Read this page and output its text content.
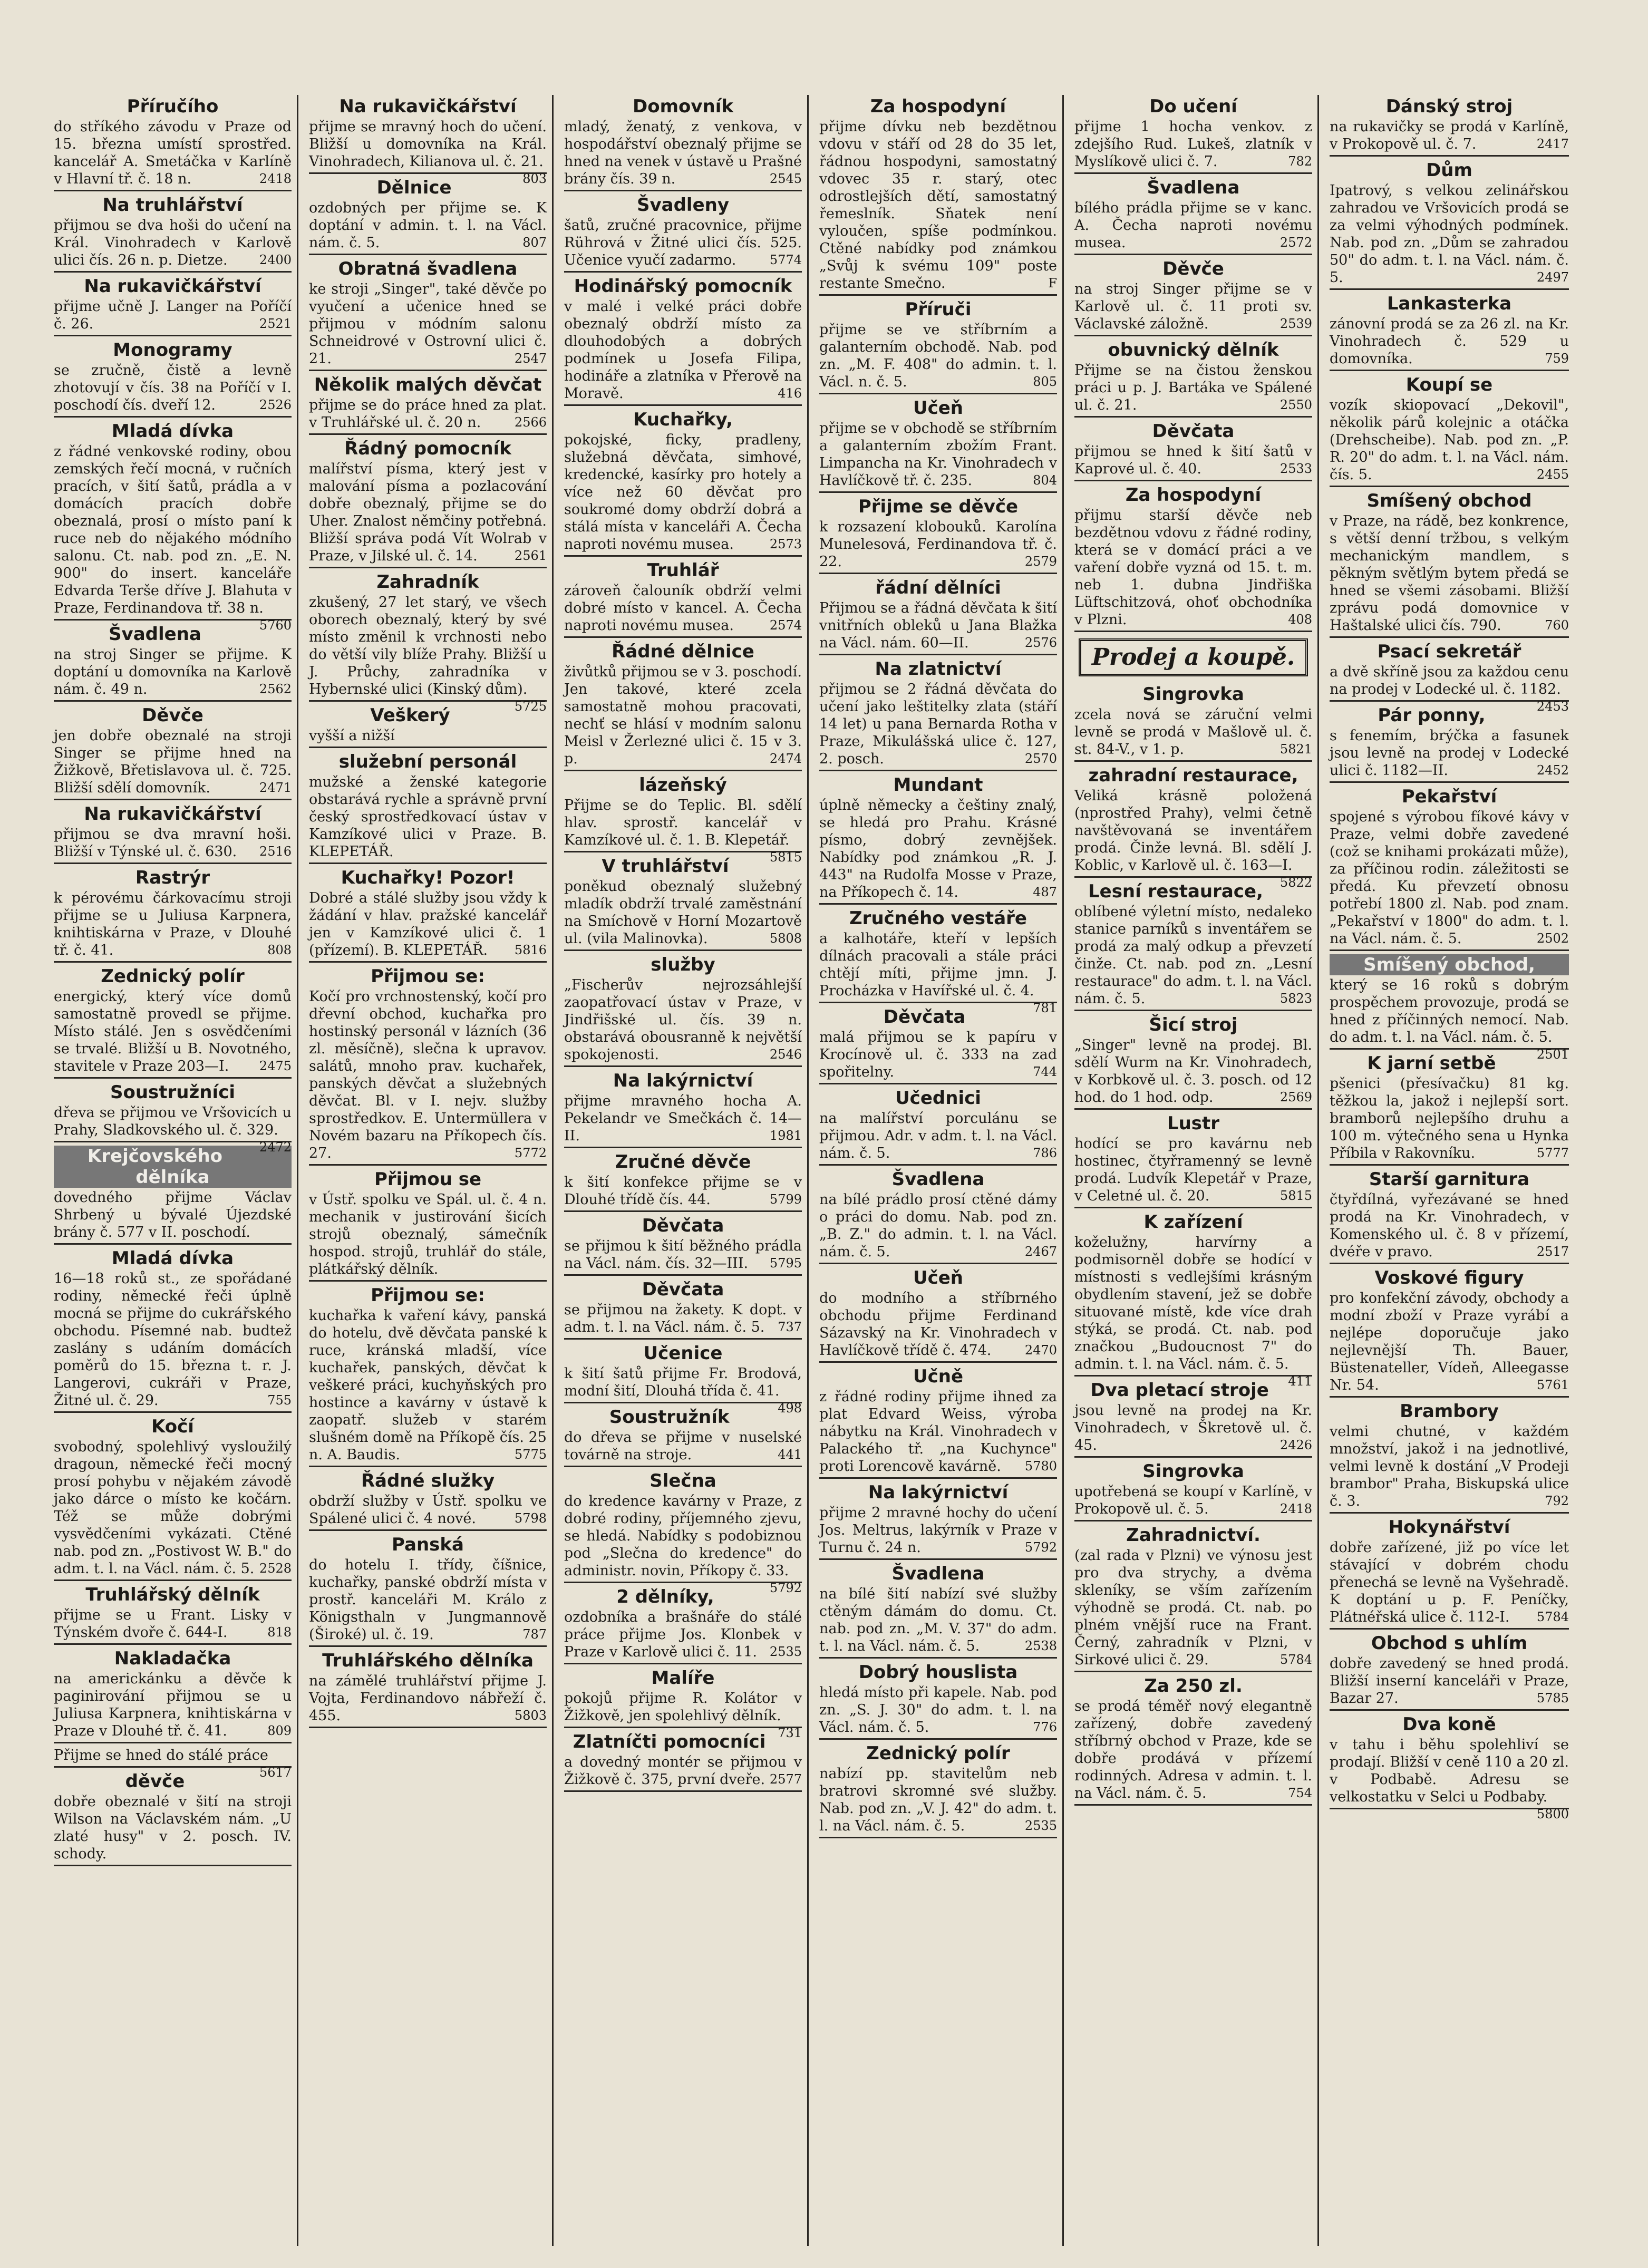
Příručího
do stříkého závodu v Praze od 15. března umístí sprostřed. kancelář A. Smetáčka v Karlíně v Hlavní tř. č. 18 n.	2418
Na truhlářství
přijmou se dva hoši do učení na Král. Vinohradech v Karlově ulici čís. 26 n. p. Dietze.	2400
Na rukavičkářství
přijme učně J. Langer na Poříčí č. 26.	2521
Monogramy
se zručně, čistě a levně zhotovují v čís. 38 na Poříčí v I. poschodí čís. dveří 12.	2526
Mladá dívka
z řádné venkovské rodiny, obou zemských řečí mocná, v ručních pracích, v šití šatů, prádla a v domácích pracích dobře obeznalá, prosí o místo paní k ruce neb do nějakého módního salonu. Ct. nab. pod zn. „E. N. 900" do insert. kanceláře Edvarda Terše dříve J. Blahuta v Praze, Ferdinandova tř. 38 n.
5760
Švadlena
na stroj Singer se přijme. K doptání u domovníka na Karlově nám. č. 49 n.	2562
Děvče
jen dobře obeznalé na stroji Singer se přijme hned na Žižkově, Břetislavova ul. č. 725. Bližší sdělí domovník.	2471
Na rukavičkářství
přijmou se dva mravní hoši. Bližší v Týnské ul. č. 630. 2516
Rastrýr
k pérovému čárkovacímu stroji přijme se u Juliusa Karpnera, knihtiskárna v Praze, v Dlouhé tř. č. 41.	808
Zednický polír
energický, který více domů samostatně provedl se přijme. Místo stálé. Jen s osvědčeními se trvalé. Bližší u B. Novotného, stavitele v Praze 203—I. 2475
Soustružníci
dřeva se přijmou ve Vršovicích u Prahy, Sladkovského ul. č. 329.
2472
Krejčovského dělníka
dovedného přijme Václav Shrbený u bývalé Újezdské brány č. 577 v II. poschodí.
Mladá dívka
16—18 roků st., ze spořádané rodiny, německé řeči úplně mocná se přijme do cukrářského obchodu. Písemné nab. budtež zaslány s udáním domácích poměrů do 15. března t. r. J. Langerovi, cukráři v Praze, Žitné ul. č. 29.	755
Kočí
svobodný, spolehlivý vysloužilý dragoun, německé řeči mocný prosí pohybu v nějakém závodě jako dárce o místo ke kočárn. Též se může dobrými vysvědčeními vykázati. Ctěné nab. pod zn. „Postivost W. B." do adm. t. l. na Václ. nám. č. 5. 2528
Truhlářský dělník
přijme se u Frant. Lisky v Týnském dvoře č. 644-I.	818
Nakladačka
na americkánku a děvče k paginirování přijmou se u Juliusa Karpnera, knihtiskárna v Praze v Dlouhé tř. č. 41.	809
Přijme se hned do stálé práce
5617
děvče
dobře obeznalé v šití na stroji Wilson na Václavském nám. „U zlaté husy" v 2. posch. IV. schody.
Na rukavičkářství
přijme se mravný hoch do učení. Bližší u domovníka na Král. Vinohradech, Kilianova ul. č. 21.
803
Dělnice
ozdobných per přijme se. K doptání v admin. t. l. na Václ. nám. č. 5.	807
Obratná švadlena
ke stroji „Singer", také děvče po vyučení a učenice hned se přijmou v módním salonu Schneidrové v Ostrovní ulici č. 21.	2547
Několik malých děvčat
přijme se do práce hned za plat. v Truhlářské ul. č. 20 n.	2566
Řádný pomocník
malířství písma, který jest v malování písma a pozlacování dobře obeznalý, přijme se do Uher. Znalost němčiny potřebná. Bližší správa podá Vít Wolrab v Praze, v Jilské ul. č. 14.	2561
Zahradník
zkušený, 27 let starý, ve všech oborech obeznalý, který by své místo změnil k vrchnosti nebo do větší vily blíže Prahy. Bližší u J. Průchy, zahradníka v Hybernské ulici (Kinský dům).
5725
Veškerý
vyšší a nižší
služební personál
mužské a ženské kategorie obstarává rychle a správně první český sprostředkovací ústav v Kamzíkové ulici v Praze. B. KLEPETÁŘ.
Kuchařky! Pozor!
Dobré a stálé služby jsou vždy k žádání v hlav. pražské kancelář jen v Kamzíkové ulici č. 1 (přízemí). B. KLEPETÁŘ. 5816
Přijmou se:
Kočí pro vrchnostenský, kočí pro dřevní obchod, kuchařka pro hostinský personál v lázních (36 zl. měsíčně), slečna k upravov. salátů, mnoho prav. kuchařek, panských děvčat a služebných děvčat. Bl. v I. nejv. služby sprostředkov. E. Untermüllera v Novém bazaru na Příkopech čís. 27.	5772
Přijmou se
v Ústř. spolku ve Spál. ul. č. 4 n. mechanik v justirování šicích strojů obeznalý, sámečník hospod. strojů, truhlář do stále, plátkářský dělník.
Přijmou se:
kuchařka k vaření kávy, panská do hotelu, dvě děvčata panské k ruce, kránská mladší, více kuchařek, panských, děvčat k veškeré práci, kuchyňských pro hostince a kavárny v ústavě k zaopatř. služeb v starém slušném domě na Příkopě čís. 25 n. A. Baudis.	5775
Řádné služky
obdrží služby v Ústř. spolku ve Spálené ulici č. 4 nové.	5798
Panská
do hotelu I. třídy, číšnice, kuchařky, panské obdrží místa v prostř. kanceláři M. Králo z Königsthaln v Jungmannově (Široké) ul. č. 19.	787
Truhlářského dělníka
na zámělé truhlářství přijme J. Vojta, Ferdinandovo nábřeží č. 455.	5803
Domovník
mladý, ženatý, z venkova, v hospodářství obeznalý přijme se hned na venek v ústavě u Prašné brány čís. 39 n.	2545
Švadleny
šatů, zručné pracovnice, přijme Rührová v Žitné ulici čís. 525. Učenice vyučí zadarmo.	5774
Hodinářský pomocník
v malé i velké práci dobře obeznalý obdrží místo za dlouhodobých a dobrých podmínek u Josefa Filipa, hodináře a zlatníka v Přerově na Moravě.	416
Kuchařky,
pokojské, ficky, pradleny, služebná děvčata, simhové, kredencké, kasírky pro hotely a více než 60 děvčat pro soukromé domy obdrží dobrá a stálá místa v kanceláři A. Čecha naproti novému musea.	2573
Truhlář
zároveň čalouník obdrží velmi dobré místo v kancel. A. Čecha naproti novému musea.	2574
Řádné dělnice
živůtků přijmou se v 3. poschodí. Jen takové, které zcela samostatně mohou pracovati, nechť se hlásí v modním salonu Meisl v Žerlezné ulici č. 15 v 3. p.	2474
lázeňský
Přijme se do Teplic. Bl. sdělí hlav. sprostř. kancelář v Kamzíkové ul. č. 1. B. Klepetář.
5815
V truhlářství
poněkud obeznalý služebný mladík obdrží trvalé zaměstnání na Smíchově v Horní Mozartově ul. (vila Malinovka).	5808
služby
„Fischerův nejrozsáhlejší zaopatřovací ústav v Praze, v Jindřišské ul. čís. 39 n. obstarává obousranně k největší spokojenosti.	2546
Na lakýrnictví
přijme mravného hocha A. Pekelandr ve Smečkách č. 14—II.	1981
Zručné děvče
k šití konfekce přijme se v Dlouhé třídě čís. 44.	5799
Děvčata
se přijmou k šití běžného prádla na Václ. nám. čís. 32—III. 5795
Děvčata
se přijmou na žakety. K dopt. v adm. t. l. na Václ. nám. č. 5. 737
Učenice
k šití šatů přijme Fr. Brodová, modní šití, Dlouhá třída č. 41.
498
Soustružník
do dřeva se přijme v nuselské továrně na stroje.	441
Slečna
do kredence kavárny v Praze, z dobré rodiny, příjemného zjevu, se hledá. Nabídky s podobiznou pod „Slečna do kredence" do administr. novin, Příkopy č. 33.
5792
2 dělníky,
ozdobníka a brašnáře do stálé práce přijme Jos. Klonbek v Praze v Karlově ulici č. 11. 2535
Malíře
pokojů přijme R. Kolátor v Žižkově, jen spolehlivý dělník.
731
Zlatníčti pomocníci
a dovedný montér se přijmou v Žižkově č. 375, první dveře. 2577
Za hospodyní
přijme dívku neb bezdětnou vdovu v stáří od 28 do 35 let, řádnou hospodyni, samostatný vdovec 35 r. starý, otec odrostlejších dětí, samostatný řemeslník. Sňatek není vyloučen, spíše podmínkou. Ctěné nabídky pod známkou „Svůj k svému 109" poste restante Smečno.	F
Příruči
přijme se ve stříbrním a galanterním obchodě. Nab. pod zn. „M. F. 408" do admin. t. l. Václ. n. č. 5.	805
Učeň
přijme se v obchodě se stříbrním a galanterním zbožím Frant. Limpancha na Kr. Vinohradech v Havlíčkově tř. č. 235.	804
Přijme se děvče
k rozsazení klobouků. Karolína Munelesová, Ferdinandova tř. č. 22.	2579
řádní dělníci
Přijmou se a řádná děvčata k šití vnitřních obleků u Jana Blažka na Václ. nám. 60—II.	2576
Na zlatnictví
přijmou se 2 řádná děvčata do učení jako leštitelky zlata (stáří 14 let) u pana Bernarda Rotha v Praze, Mikulášská ulice č. 127, 2. posch.	2570
Mundant
úplně německy a češtiny znalý, se hledá pro Prahu. Krásné písmo, dobrý zevnějšek. Nabídky pod známkou „R. J. 443" na Rudolfa Mosse v Praze, na Příkopech č. 14.	487
Zručného vestáře
a kalhotáře, kteří v lepších dílnách pracovali a stále práci chtějí míti, přijme jmn. J. Procházka v Havířské ul. č. 4.
781
Děvčata
malá přijmou se k papíru v Krocínově ul. č. 333 na zad spořitelny.	744
Učednici
na malířství porculánu se přijmou. Adr. v adm. t. l. na Václ. nám. č. 5.	786
Švadlena
na bílé prádlo prosí ctěné dámy o práci do domu. Nab. pod zn. „B. Z." do admin. t. l. na Václ. nám. č. 5.	2467
Učeň
do modního a stříbrného obchodu přijme Ferdinand Sázavský na Kr. Vinohradech v Havlíčkově třídě č. 474.	2470
Učně
z řádné rodiny přijme ihned za plat Edvard Weiss, výroba nábytku na Král. Vinohradech v Palackého tř. „na Kuchynce" proti Lorencově kavárně. 5780
Na lakýrnictví
přijme 2 mravné hochy do učení Jos. Meltrus, lakýrník v Praze v Turnu č. 24 n.	5792
Švadlena
na bílé šití nabízí své služby ctěným dámám do domu. Ct. nab. pod zn. „M. V. 37" do adm. t. l. na Václ. nám. č. 5.	2538
Dobrý houslista
hledá místo při kapele. Nab. pod zn. „S. J. 30" do adm. t. l. na Václ. nám. č. 5.	776
Zednický polír
nabízí pp. stavitelům neb bratrovi skromné své služby. Nab. pod zn. „V. J. 42" do adm. t. l. na Václ. nám. č. 5.	2535
Do učení
přijme 1 hocha venkov. z zdejšího Rud. Lukeš, zlatník v Myslíkově ulici č. 7.	782
Švadlena
bílého prádla přijme se v kanc. A. Čecha naproti novému musea.	2572
Děvče
na stroj Singer přijme se v Karlově ul. č. 11 proti sv. Václavské záložně.	2539
obuvnický dělník
Přijme se na čistou ženskou práci u p. J. Bartáka ve Spálené ul. č. 21.	2550
Děvčata
přijmou se hned k šití šatů v Kaprové ul. č. 40.	2533
Za hospodyní
přijmu starší děvče neb bezdětnou vdovu z řádné rodiny, která se v domácí práci a ve vaření dobře vyzná od 15. t. m. neb 1. dubna Jindřiška Lüftschitzová, ohoť obchodníka v Plzni.	408
Prodej a koupě.
Singrovka
zcela nová se záruční velmi levně se prodá v Mašlově ul. č. st. 84-V., v 1. p.	5821
zahradní restaurace,
Veliká krásně položená (nprostřed Prahy), velmi četně navštěvovaná se inventářem prodá. Činže levná. Bl. sdělí J. Koblic, v Karlově ul. č. 163—I.
5822
Lesní restaurace,
oblíbené výletní místo, nedaleko stanice parníků s inventářem se prodá za malý odkup a převzetí činže. Ct. nab. pod zn. „Lesní restaurace" do adm. t. l. na Václ. nám. č. 5.	5823
Šicí stroj
„Singer" levně na prodej. Bl. sdělí Wurm na Kr. Vinohradech, v Korbkově ul. č. 3. posch. od 12 hod. do 1 hod. odp.	2569
Lustr
hodící se pro kavárnu neb hostinec, čtyřramenný se levně prodá. Ludvík Klepetář v Praze, v Celetné ul. č. 20.	5815
K zařízení
koželužny, harvírny a podmisorněl dobře se hodící v místnosti s vedlejšími krásným obydlením stavení, jež se dobře situované místě, kde více drah stýká, se prodá. Ct. nab. pod značkou „Budoucnost 7" do admin. t. l. na Václ. nám. č. 5.
411
Dva pletací stroje
jsou levně na prodej na Kr. Vinohradech, v Škretově ul. č. 45.	2426
Singrovka
upotřebená se koupí v Karlíně, v Prokopově ul. č. 5.	2418
Zahradnictví.
(zal rada v Plzni) ve výnosu jest pro dva strychy, a dvěma skleníky, se vším zařízením výhodně se prodá. Ct. nab. po plném vnější ruce na Frant. Černý, zahradník v Plzni, v Sirkové ulici č. 29.	5784
Za 250 zl.
se prodá téměř nový elegantně zařízený, dobře zavedený stříbrný obchod v Praze, kde se dobře prodává v přízemí rodinných. Adresa v admin. t. l. na Václ. nám. č. 5.	754
Dánský stroj
na rukavičky se prodá v Karlíně, v Prokopově ul. č. 7.	2417
Dům
Ipatrový, s velkou zelinářskou zahradou ve Vršovicích prodá se za velmi výhodných podmínek. Nab. pod zn. „Dům se zahradou 50" do adm. t. l. na Václ. nám. č. 5.	2497
Lankasterka
zánovní prodá se za 26 zl. na Kr. Vinohradech č. 529 u domovníka.	759
Koupí se
vozík skiopovací „Dekovil", několik párů kolejnic a otáčka (Drehscheibe). Nab. pod zn. „P. R. 20" do adm. t. l. na Václ. nám. čís. 5.	2455
Smíšený obchod
v Praze, na rádě, bez konkrence, s větší denní tržbou, s velkým mechanickým mandlem, s pěkným světlým bytem předá se hned se všemi zásobami. Bližší zprávu podá domovnice v Haštalské ulici čís. 790.	760
Psací sekretář
a dvě skříně jsou za každou cenu na prodej v Lodecké ul. č. 1182.
2453
Pár ponny,
s fenemím, brýčka a fasunek jsou levně na prodej v Lodecké ulici č. 1182—II.	2452
Pekařství
spojené s výrobou fíkové kávy v Praze, velmi dobře zavedené (což se knihami prokázati může), za příčinou rodin. záležitosti se předá. Ku převzetí obnosu potřebí 1800 zl. Nab. pod znam. „Pekařství v 1800" do adm. t. l. na Václ. nám. č. 5.	2502
Smíšený obchod,
který se 16 roků s dobrým prospěchem provozuje, prodá se hned z příčinných nemocí. Nab. do adm. t. l. na Václ. nám. č. 5.
2501
K jarní setbě
pšenici (přesívačku) 81 kg. těžkou la, jakož i nejlepší sort. bramborů nejlepšího druhu a 100 m. výtečného sena u Hynka Příbila v Rakovníku.	5777
Starší garnitura
čtyřdílná, vyřezávané se hned prodá na Kr. Vinohradech, v Komenského ul. č. 8 v přízemí, dvéře v pravo.	2517
Voskové figury
pro konfekční závody, obchody a modní zboží v Praze vyrábí a nejlépe doporučuje jako nejlevnější Th. Bauer, Büstenateller, Vídeň, Alleegasse Nr. 54.	5761
Brambory
velmi chutné, v každém množství, jakož i na jednotlivé, velmi levně k dostání „V Prodeji brambor" Praha, Biskupská ulice č. 3.	792
Hokynářství
dobře zařízené, již po více let stávající v dobrém chodu přenechá se levně na Vyšehradě. K doptání u p. F. Peníčky, Plátnéřská ulice č. 112-I. 5784
Obchod s uhlím
dobře zavedený se hned prodá. Bližší inserní kanceláři v Praze, Bazar 27.	5785
Dva koně
v tahu i běhu spolehliví se prodají. Bližší v ceně 110 a 20 zl. v Podbabě. Adresu se velkostatku v Selci u Podbaby.
5800
